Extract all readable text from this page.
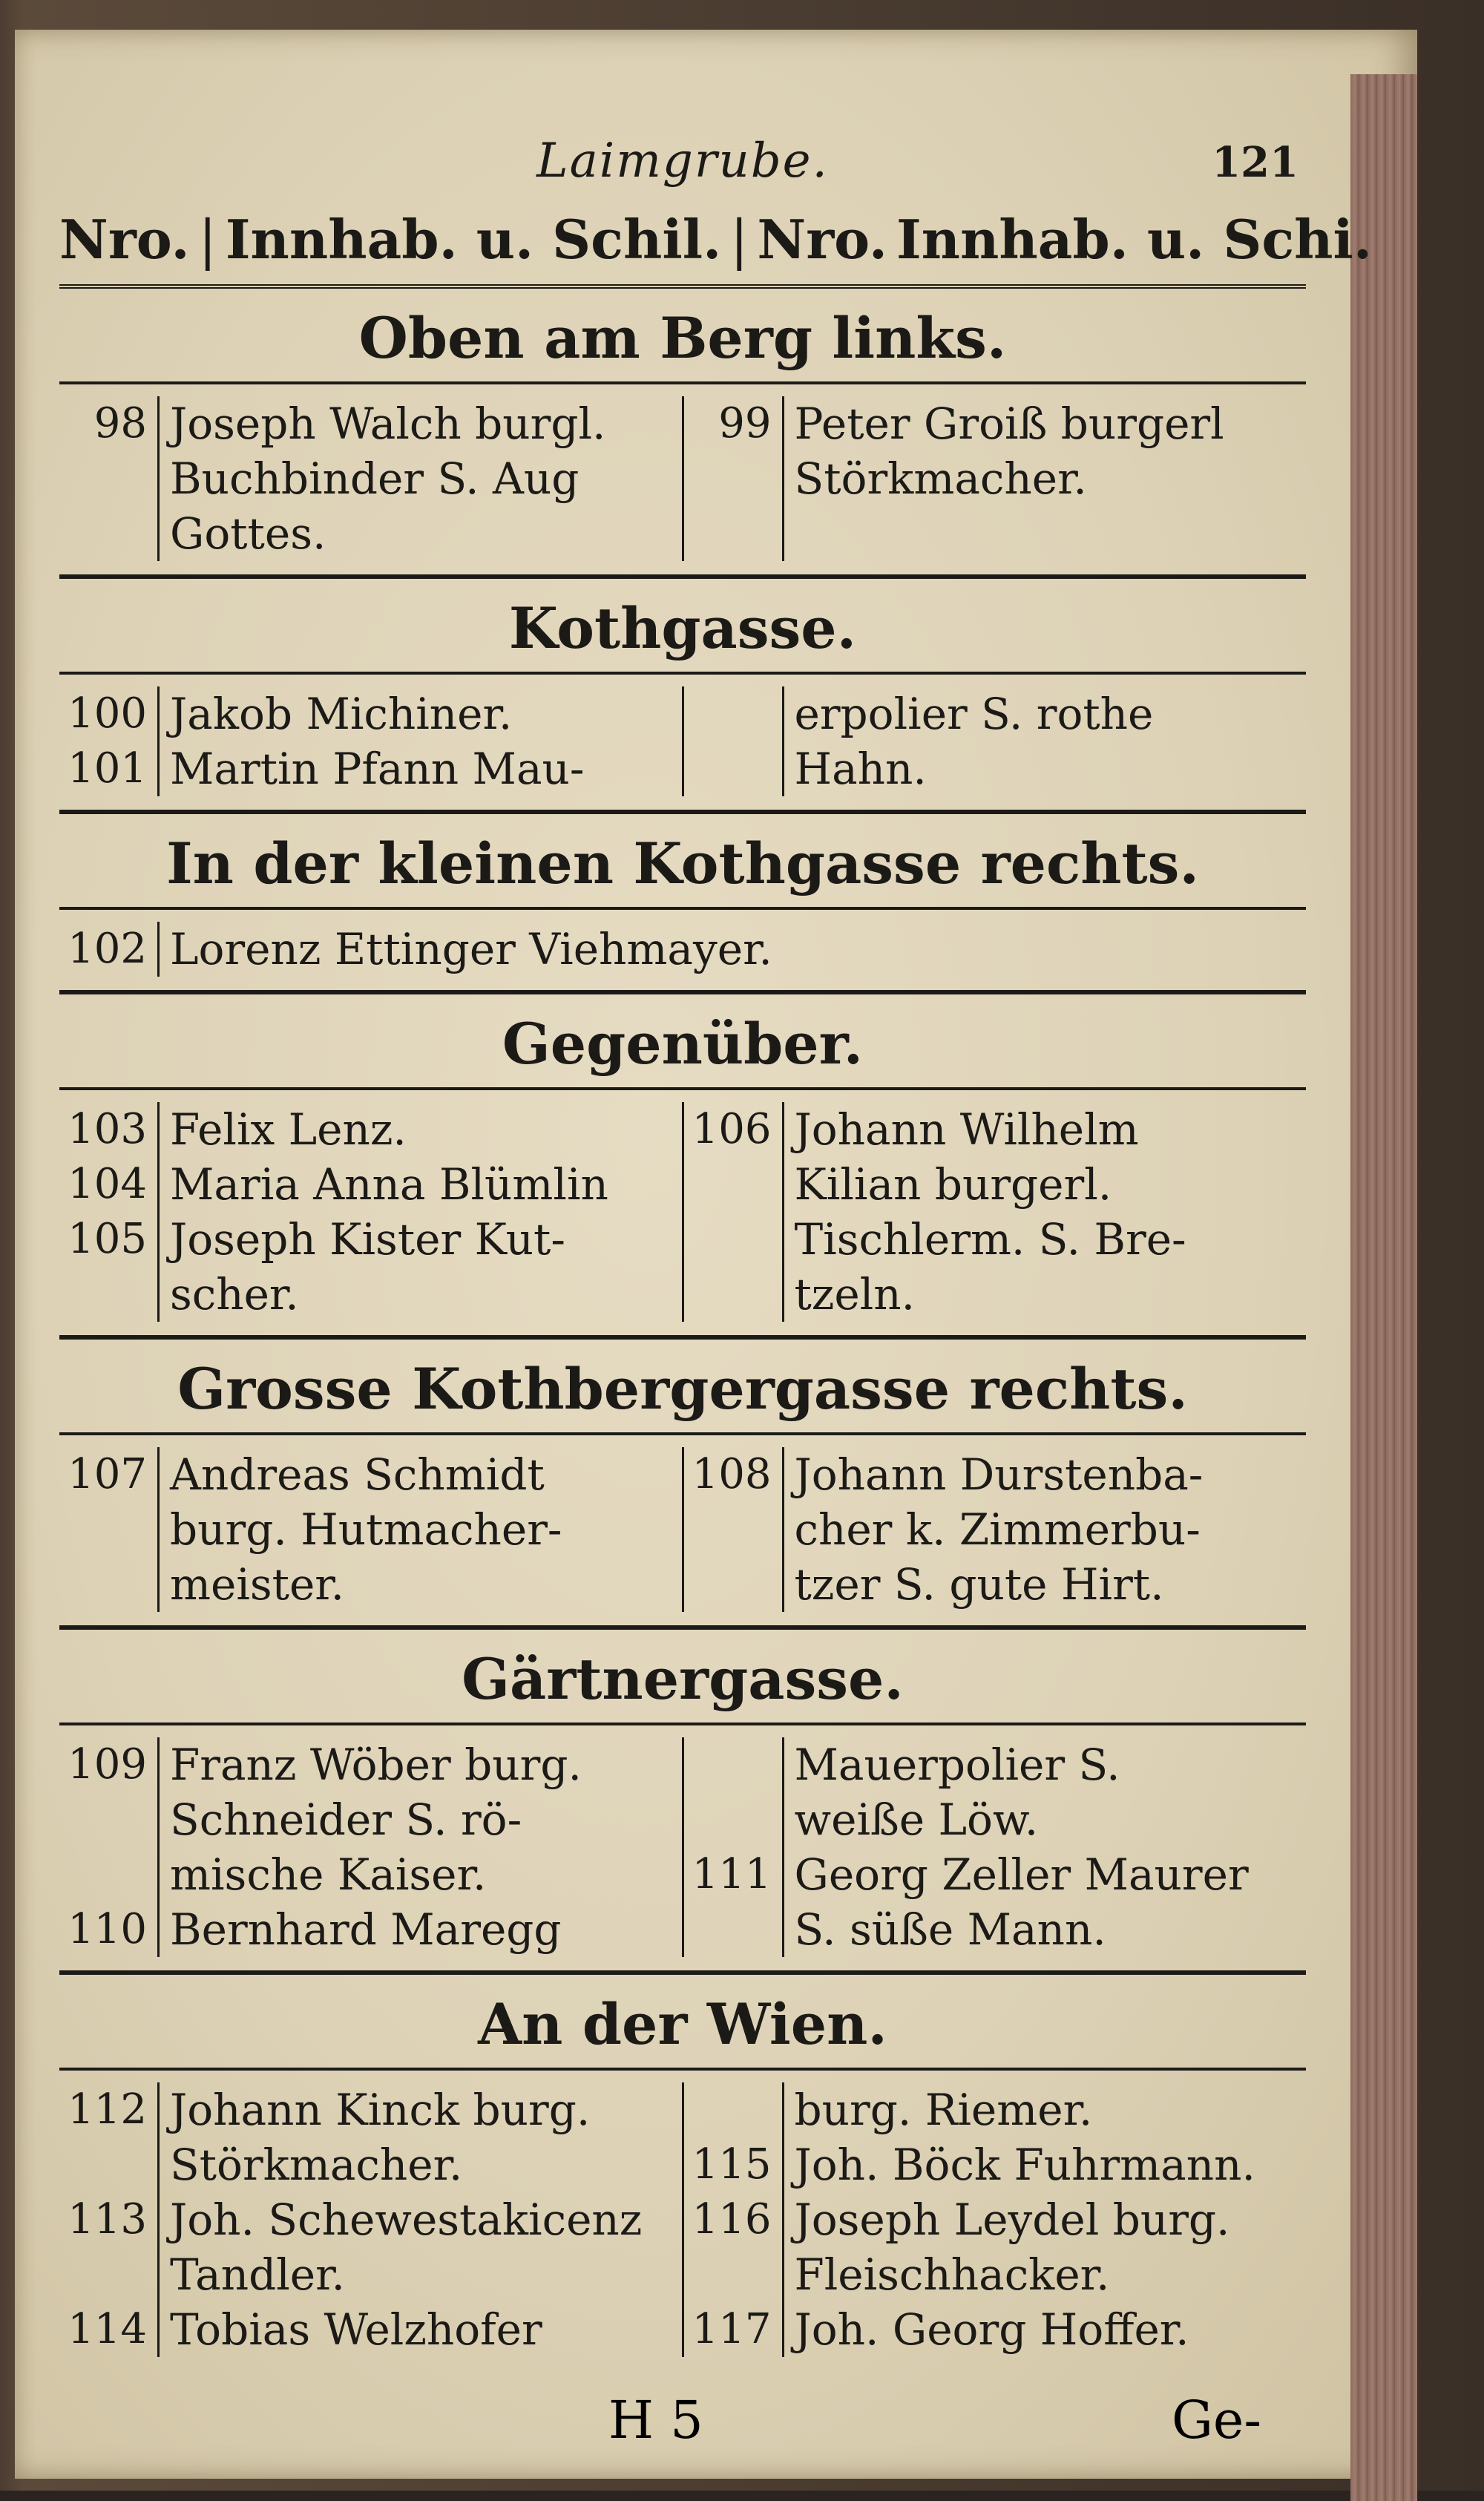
Laimgrube.	121
Nro. | Innhab. u. Schil. | Nro. Innhab. u. Schi.
Oben am Berg links.
98 Joseph Walch burgl.
Buchbinder S. Aug
Gottes.
99 Peter Groiß burgerl
Störkmacher.
Kothgasse.
100
101
Jakob Michiner.
Martin Pfann Mau-
erpolier S. rothe
Hahn.
In der kleinen Kothgasse rechts.
102 Lorenz Ettinger Viehmayer.
Gegenüber.
103
104
105
Felix Lenz.
Maria Anna Blümlin
Joseph Kister Kut-
scher.
106 Johann Wilhelm
Kilian burgerl.
Tischlerm. S. Bre-
tzeln.
Grosse Kothbergergasse rechts.
107 Andreas Schmidt
burg. Hutmacher-
meister.
108 Johann Durstenba-
cher k. Zimmerbu-
tzer S. gute Hirt.
Gärtnergasse.
109

110
Franz Wöber burg.
Schneider S. rö-
mische Kaiser.
Bernhard Maregg

111

Mauerpolier S.
weiße Löw.
Georg Zeller Maurer
S. süße Mann.
An der Wien.
112

113

114
Johann Kinck burg.
Störkmacher.
Joh. Schewestakicenz
Tandler.
Tobias Welzhofer

115
116

117
burg. Riemer.
Joh. Böck Fuhrmann.
Joseph Leydel burg.
Fleischhacker.
Joh. Georg Hoffer.
H 5	Ge-
